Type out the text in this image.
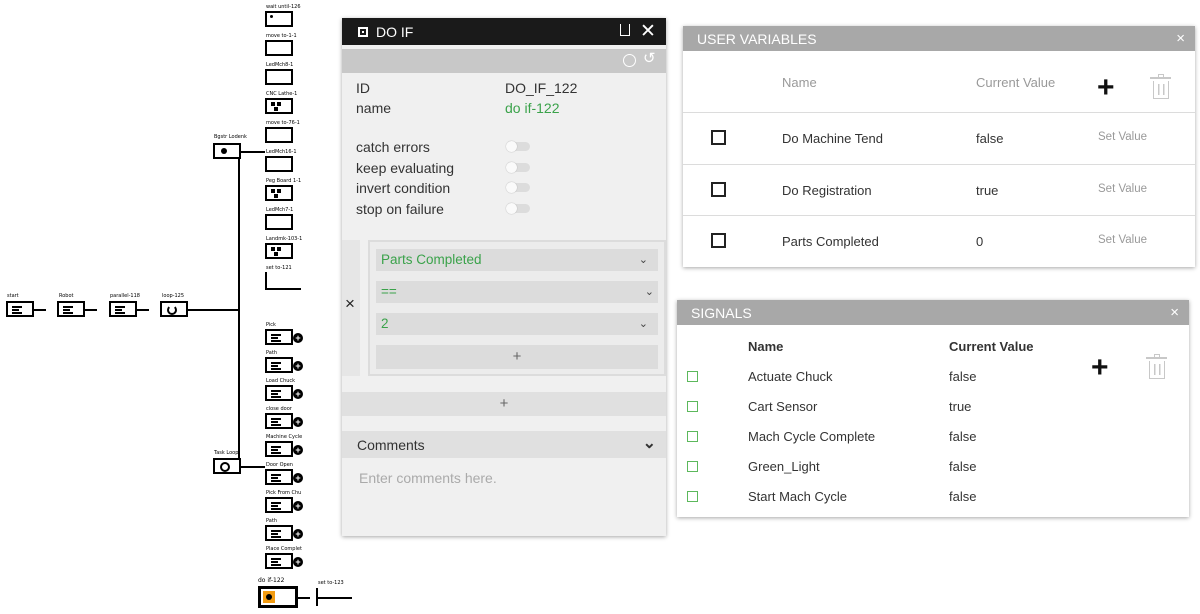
start	Robot	parallel-118	loop-125
Bgstr Lodenk
Task Loop
wait until-126
move to-1-1
LedMch8-1
CNC Lathe-1
move to-76-1
LedMch16-1
Peg Board 1-1
LedMch7-1
Landmk-103-1
set to-121
Pick
+
Path
+
Load Chuck
+
close door
+
Machine Cycle
+
Door Open
+
Pick From Chu
+
Path
+
Place Complet
+
do if-122	set to-123
DO IF	✕
↺
ID	DO_IF_122
name	do if-122
catch errors
keep evaluating
invert condition
stop on failure
×
Parts Completed	⌄
==	⌄
2	⌄
+
+
Comments	⌄
Enter comments here.
USER VARIABLES	×
Name	Current Value +
Do Machine Tend	false	Set Value
Do Registration	true	Set Value
Parts Completed	0	Set Value
SIGNALS	×
Name	Current Value
+
Actuate Chuck	false
Cart Sensor	true
Mach Cycle Complete	false
Green_Light	false
Start Mach Cycle	false
